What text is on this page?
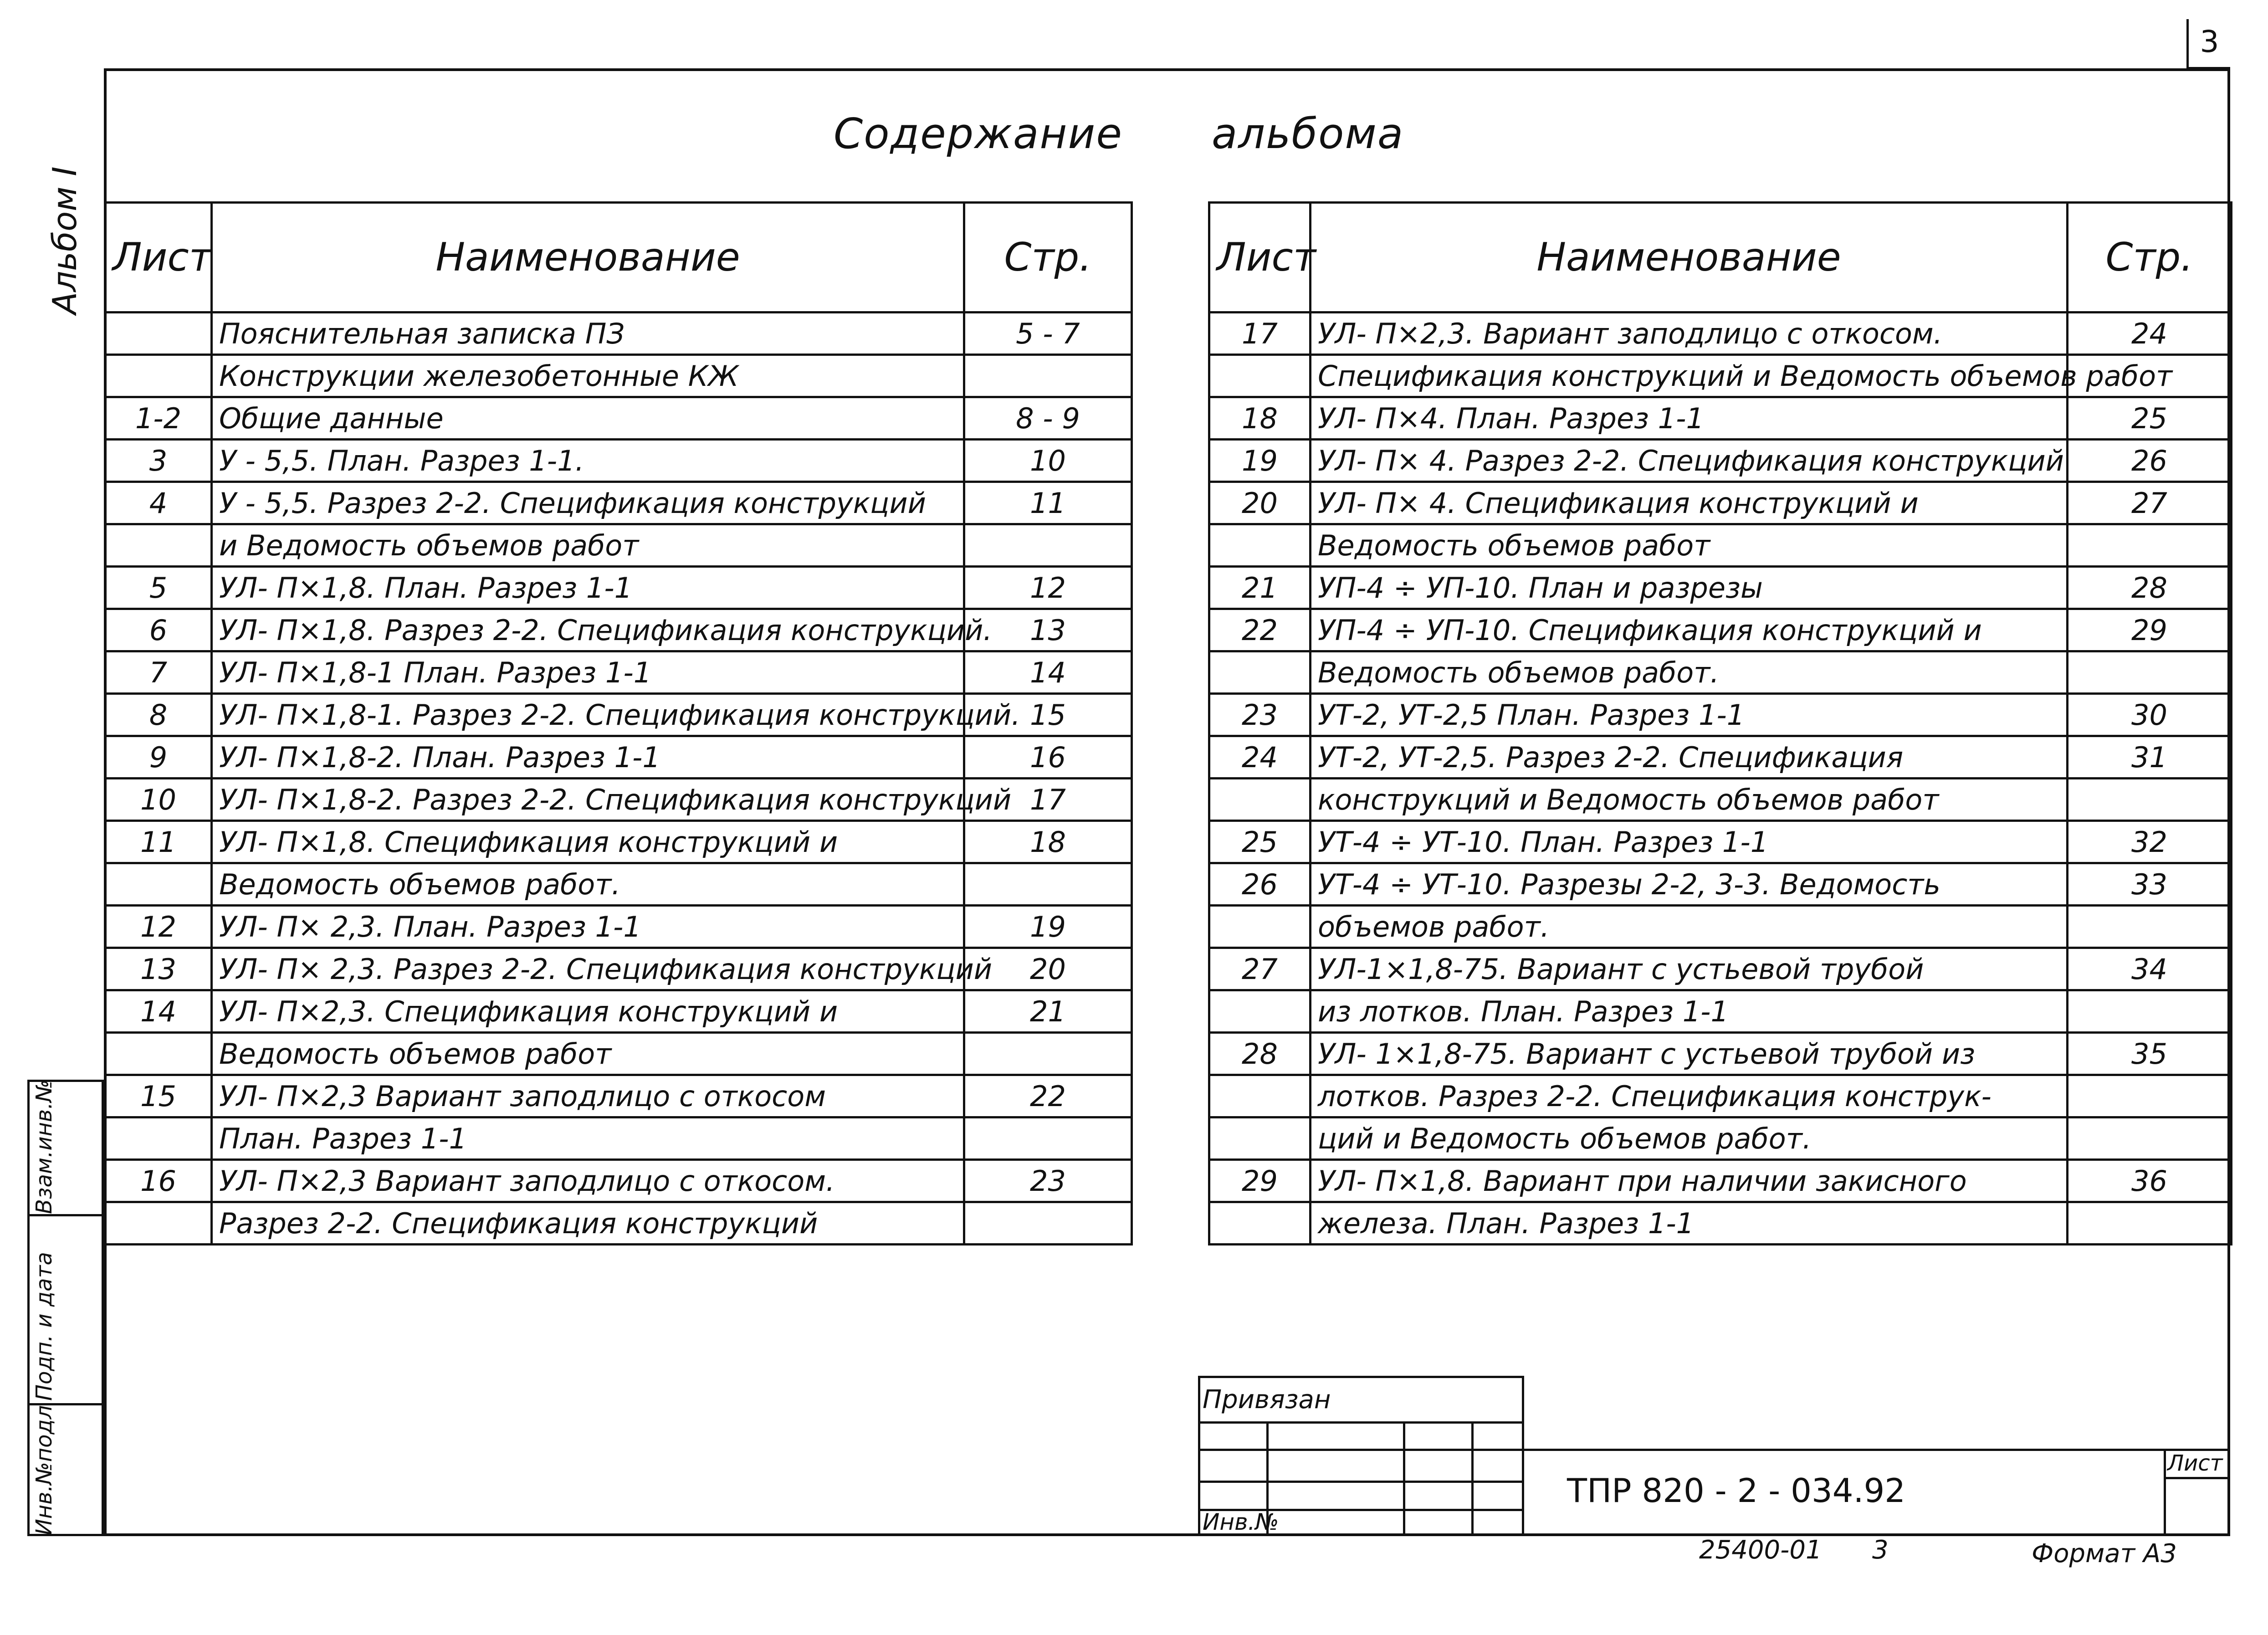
3
Альбом I
Содержание альбома
Лист	Наименование	Стр.
	Пояснительная записка ПЗ	5 - 7
	Конструкции железобетонные КЖ	
1-2	Общие данные	8 - 9
3	У - 5,5. План. Разрез 1-1.	10
4	У - 5,5. Разрез 2-2. Спецификация конструкций	11
	и Ведомость объемов работ	
5	УЛ- П×1,8. План. Разрез 1-1	12
6	УЛ- П×1,8. Разрез 2-2. Спецификация конструкций.	13
7	УЛ- П×1,8-1 План. Разрез 1-1	14
8	УЛ- П×1,8-1. Разрез 2-2. Спецификация конструкций.	15
9	УЛ- П×1,8-2. План. Разрез 1-1	16
10	УЛ- П×1,8-2. Разрез 2-2. Спецификация конструкций	17
11	УЛ- П×1,8. Спецификация конструкций и	18
	Ведомость объемов работ.	
12	УЛ- П× 2,3. План. Разрез 1-1	19
13	УЛ- П× 2,3. Разрез 2-2. Спецификация конструкций	20
14	УЛ- П×2,3. Спецификация конструкций и	21
	Ведомость объемов работ	
15	УЛ- П×2,3 Вариант заподлицо с откосом	22
	План. Разрез 1-1	
16	УЛ- П×2,3 Вариант заподлицо с откосом.	23
	Разрез 2-2. Спецификация конструкций	
Лист	Наименование	Стр.
17	УЛ- П×2,3. Вариант заподлицо с откосом.	24
	Спецификация конструкций и Ведомость объемов работ	
18	УЛ- П×4. План. Разрез 1-1	25
19	УЛ- П× 4. Разрез 2-2. Спецификация конструкций	26
20	УЛ- П× 4. Спецификация конструкций и	27
	Ведомость объемов работ	
21	УП-4 ÷ УП-10. План и разрезы	28
22	УП-4 ÷ УП-10. Спецификация конструкций и	29
	Ведомость объемов работ.	
23	УТ-2, УТ-2,5 План. Разрез 1-1	30
24	УТ-2, УТ-2,5. Разрез 2-2. Спецификация	31
	конструкций и Ведомость объемов работ	
25	УТ-4 ÷ УТ-10. План. Разрез 1-1	32
26	УТ-4 ÷ УТ-10. Разрезы 2-2, 3-3. Ведомость	33
	объемов работ.	
27	УЛ-1×1,8-75. Вариант с устьевой трубой	34
	из лотков. План. Разрез 1-1	
28	УЛ- 1×1,8-75. Вариант с устьевой трубой из	35
	лотков. Разрез 2-2. Спецификация конструк-	
	ций и Ведомость объемов работ.	
29	УЛ- П×1,8. Вариант при наличии закисного	36
	железа. План. Разрез 1-1	
Взам.инв.№
Подп. и дата
Инв.№подл
Привязан
Инв.№
ТПР 820 - 2 - 034.92
Лист
25400-01 3	Формат А3
